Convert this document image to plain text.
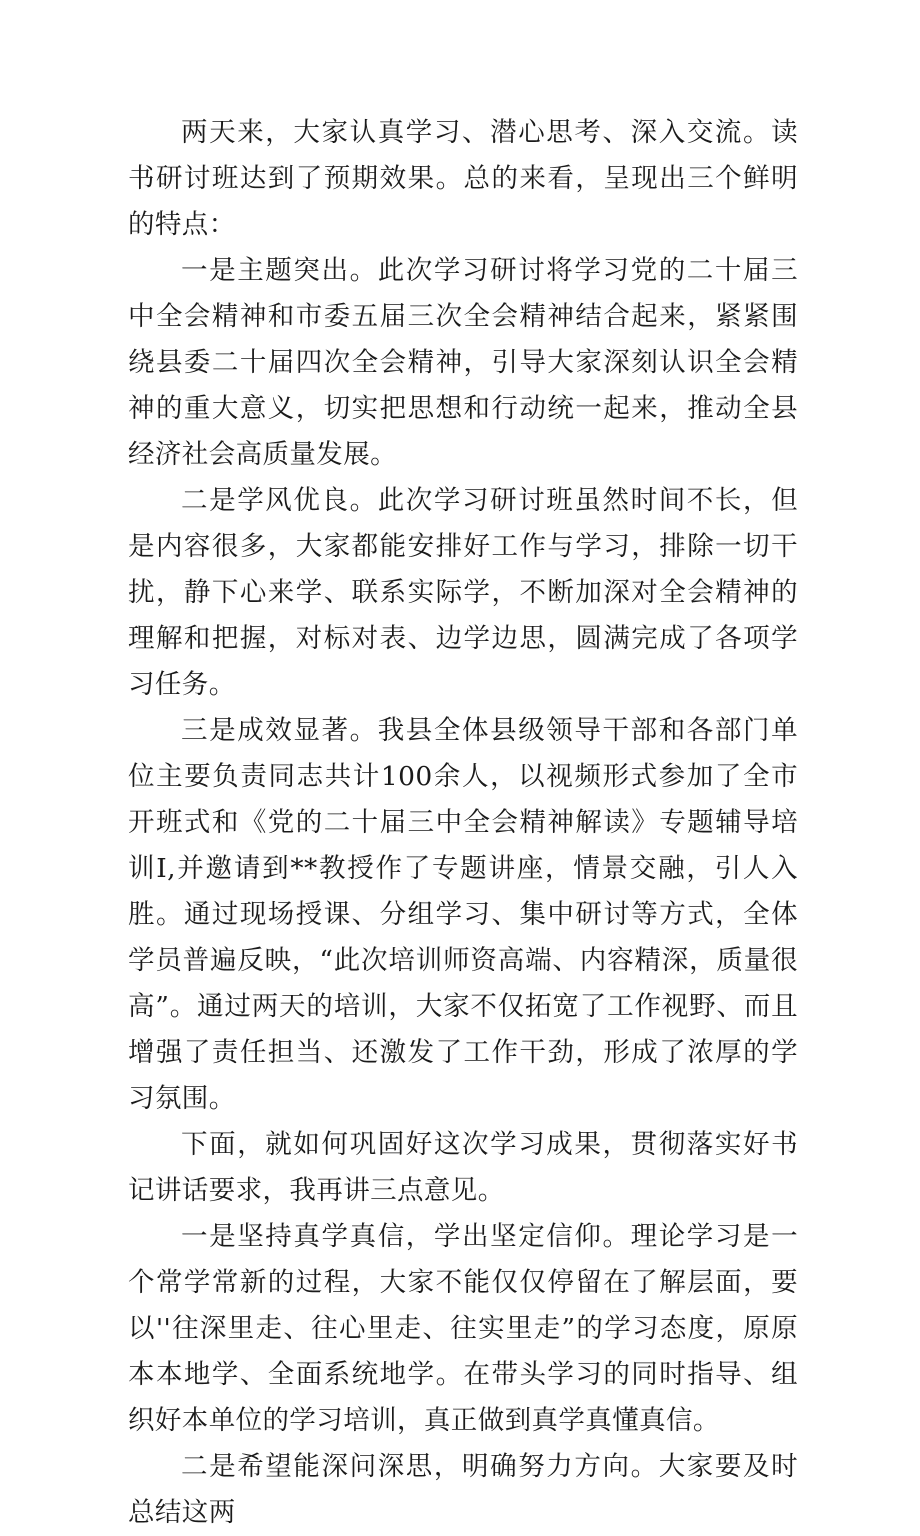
两天来，大家认真学习、潜心思考、深入交流。读书研讨班达到了预期效果。总的来看，呈现出三个鲜明的特点：

一是主题突出。此次学习研讨将学习党的二十届三中全会精神和市委五届三次全会精神结合起来，紧紧围绕县委二十届四次全会精神，引导大家深刻认识全会精神的重大意义，切实把思想和行动统一起来，推动全县经济社会高质量发展。

二是学风优良。此次学习研讨班虽然时间不长，但是内容很多，大家都能安排好工作与学习，排除一切干扰，静下心来学、联系实际学，不断加深对全会精神的理解和把握，对标对表、边学边思，圆满完成了各项学习任务。

三是成效显著。我县全体县级领导干部和各部门单位主要负责同志共计100余人，以视频形式参加了全市开班式和《党的二十届三中全会精神解读》专题辅导培训I,并邀请到**教授作了专题讲座，情景交融，引人入胜。通过现场授课、分组学习、集中研讨等方式，全体学员普遍反映，“此次培训师资高端、内容精深，质量很高”。通过两天的培训，大家不仅拓宽了工作视野、而且增强了责任担当、还激发了工作干劲，形成了浓厚的学习氛围。

下面，就如何巩固好这次学习成果，贯彻落实好书记讲话要求，我再讲三点意见。

一是坚持真学真信，学出坚定信仰。理论学习是一个常学常新的过程，大家不能仅仅停留在了解层面，要以''往深里走、往心里走、往实里走”的学习态度，原原本本地学、全面系统地学。在带头学习的同时指导、组织好本单位的学习培训，真正做到真学真懂真信。

二是希望能深问深思，明确努力方向。大家要及时总结这两
